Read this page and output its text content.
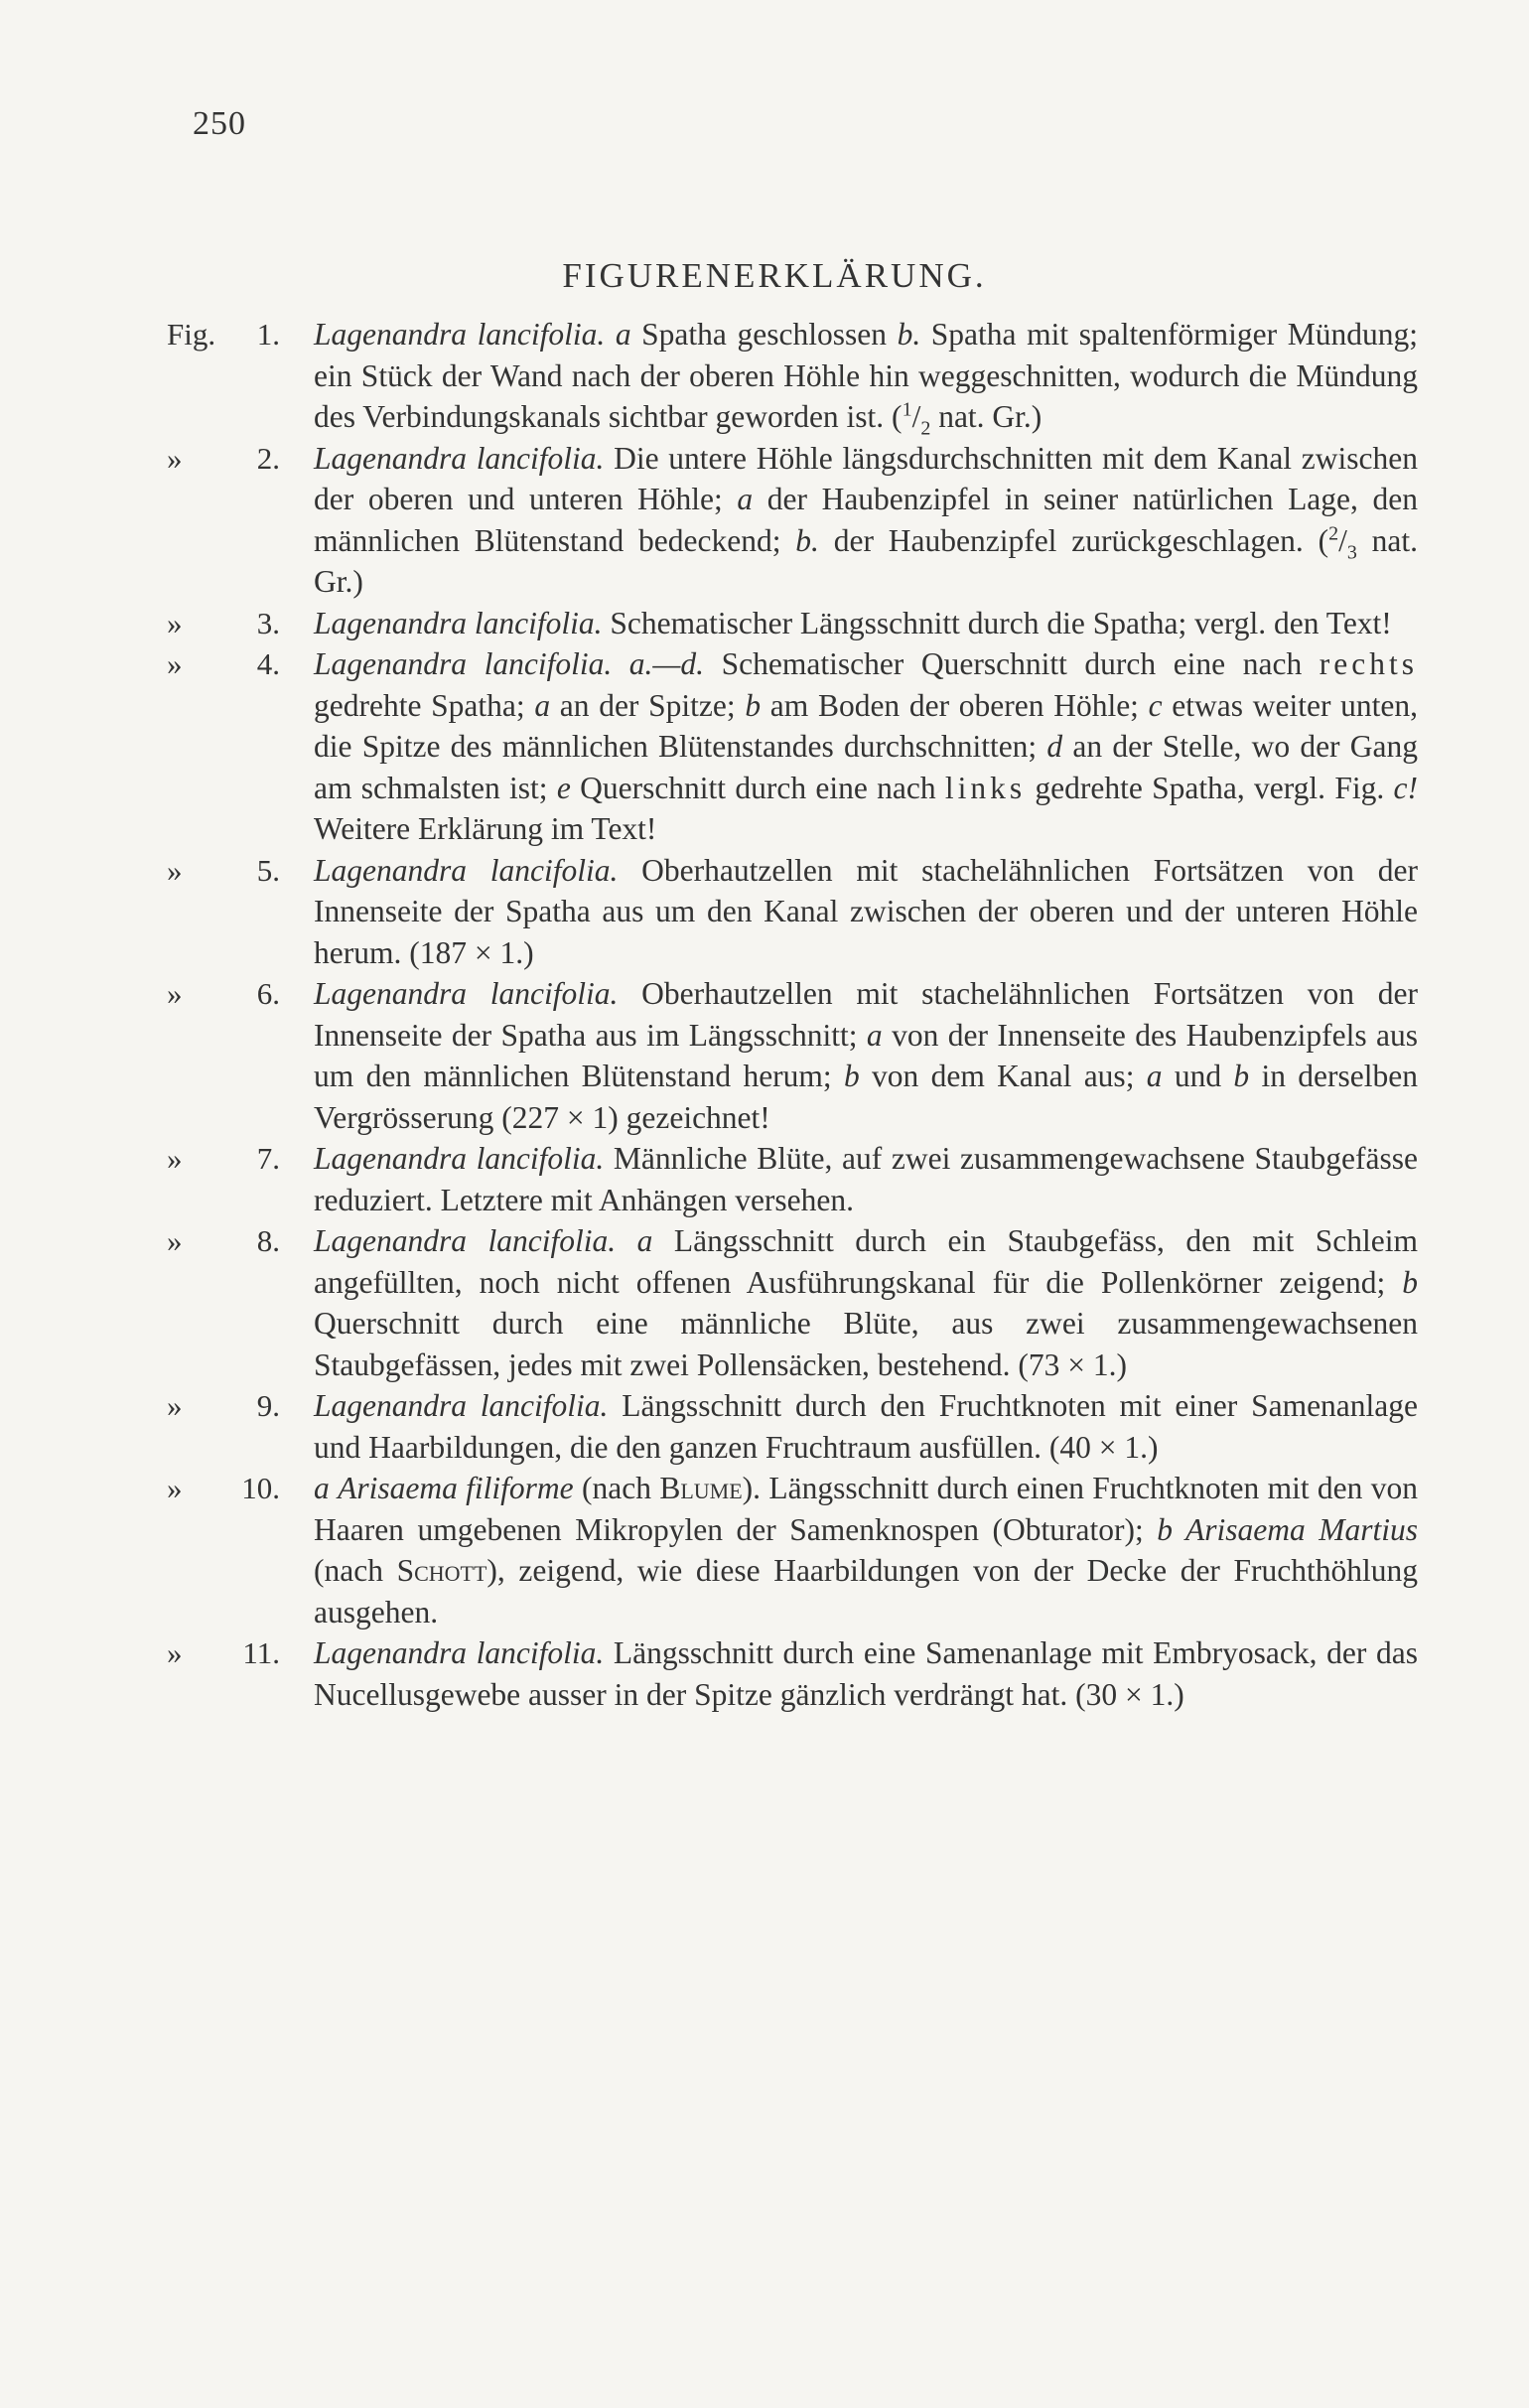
250
FIGURENERKLÄRUNG.
Fig. 1. Lagenandra lancifolia. a Spatha geschlossen b. Spatha mit spaltenförmiger Mündung; ein Stück der Wand nach der oberen Höhle hin weggeschnitten, wodurch die Mündung des Verbindungskanals sichtbar geworden ist. ($^1/_2$ nat. Gr.)
» 2. Lagenandra lancifolia. Die untere Höhle längsdurchschnitten mit dem Kanal zwischen der oberen und unteren Höhle; a der Haubenzipfel in seiner natürlichen Lage, den männlichen Blütenstand bedeckend; b. der Haubenzipfel zurückgeschlagen. ($^2/_3$ nat. Gr.)
» 3. Lagenandra lancifolia. Schematischer Längsschnitt durch die Spatha; vergl. den Text!
» 4. Lagenandra lancifolia. a.—d. Schematischer Querschnitt durch eine nach rechts gedrehte Spatha; a an der Spitze; b am Boden der oberen Höhle; c etwas weiter unten, die Spitze des männlichen Blütenstandes durchschnitten; d an der Stelle, wo der Gang am schmalsten ist; e Querschnitt durch eine nach links gedrehte Spatha, vergl. Fig. c! Weitere Erklärung im Text!
» 5. Lagenandra lancifolia. Oberhautzellen mit stachelähnlichen Fortsätzen von der Innenseite der Spatha aus um den Kanal zwischen der oberen und der unteren Höhle herum. (187 × 1.)
» 6. Lagenandra lancifolia. Oberhautzellen mit stachelähnlichen Fortsätzen von der Innenseite der Spatha aus im Längsschnitt; a von der Innenseite des Haubenzipfels aus um den männlichen Blütenstand herum; b von dem Kanal aus; a und b in derselben Vergrösserung (227 × 1) gezeichnet!
» 7. Lagenandra lancifolia. Männliche Blüte, auf zwei zusammengewachsene Staubgefässe reduziert. Letztere mit Anhängen versehen.
» 8. Lagenandra lancifolia. a Längsschnitt durch ein Staubgefäss, den mit Schleim angefüllten, noch nicht offenen Ausführungskanal für die Pollenkörner zeigend; b Querschnitt durch eine männliche Blüte, aus zwei zusammengewachsenen Staubgefässen, jedes mit zwei Pollensäcken, bestehend. (73 × 1.)
» 9. Lagenandra lancifolia. Längsschnitt durch den Fruchtknoten mit einer Samenanlage und Haarbildungen, die den ganzen Fruchtraum ausfüllen. (40 × 1.)
» 10. a Arisaema filiforme (nach Blume). Längsschnitt durch einen Fruchtknoten mit den von Haaren umgebenen Mikropylen der Samenknospen (Obturator); b Arisaema Martius (nach Schott), zeigend, wie diese Haarbildungen von der Decke der Fruchthöhlung ausgehen.
» 11. Lagenandra lancifolia. Längsschnitt durch eine Samenanlage mit Embryosack, der das Nucellusgewebe ausser in der Spitze gänzlich verdrängt hat. (30 × 1.)
